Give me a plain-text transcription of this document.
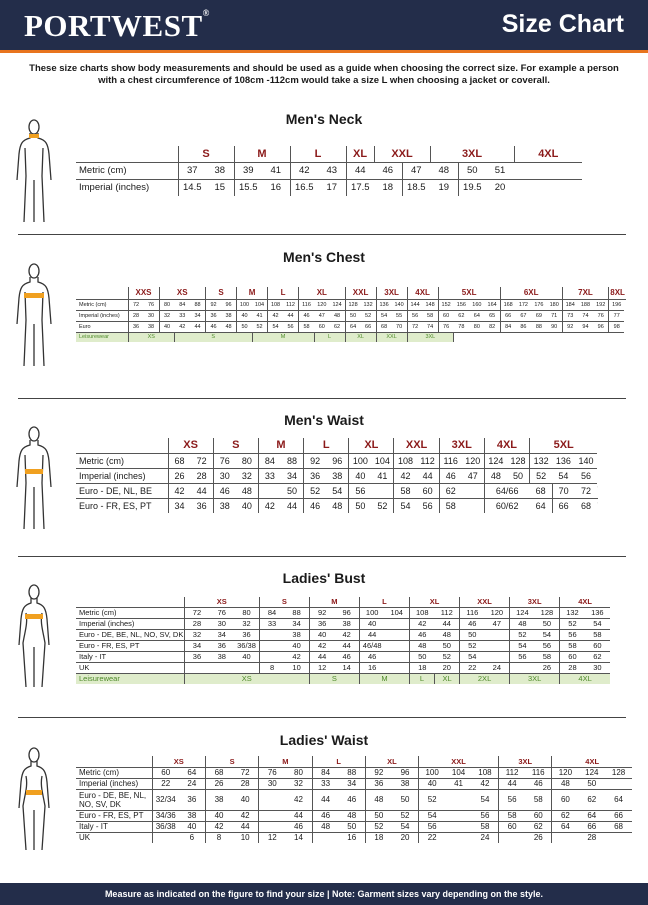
PORTWEST®	Size Chart
These size charts show body measurements and should be used as a guide when choosing the correct size. For example a person with a chest circumference of 108cm -112cm would take a size L when choosing a jacket or coverall.
Men's Neck
	S		M		L		XL	XXL		3XL			4XL
Metric (cm)	37	38	39	41	42	43	44	46	47	48	50	51	
Imperial (inches)	14.5	15	15.5	16	16.5	17	17.5	18	18.5	19	19.5	20	
Men's Chest
	XXS		XS			S		M		L		XL			XXL		3XL		4XL		5XL				6XL				7XL			8XL
Metric (cm)	72	76	80	84	88	92	96	100	104	108	112	116	120	124	128	132	136	140	144	148	152	156	160	164	168	172	176	180	184	188	192	196
Imperial (inches)	28	30	32	33	34	36	38	40	41	42	44	46	47	48	50	52	54	55	56	58	60	62	64	65	66	67	69	71	73	74	76	77
Euro	36	38	40	42	44	46	48	50	52	54	56	58	60	62	64	66	68	70	72	74	76	78	80	82	84	86	88	90	92	94	96	98
Leisurewear	XS			S					M				L		XL		XXL		3XL													
Men's Waist
	XS		S		M		L		XL		XXL		3XL		4XL		5XL			
Metric (cm)	68	72	76	80	84	88	92	96	100	104	108	112	116	120	124	128	132	136	140	
Imperial (inches)	26	28	30	32	33	34	36	38	40	41	42	44	46	47	48	50	52	54	56	
Euro - DE, NL, BE	42	44	46	48		50	52	54	56		58	60	62		64/66		68	70	72	
Euro - FR, ES, PT	34	36	38	40	42	44	46	48	50	52	54	56	58		60/62		64	66	68	
Ladies' Bust
	XS			S		M		L		XL		XXL		3XL		4XL	
Metric (cm)	72	76	80	84	88	92	96	100	104	108	112	116	120	124	128	132	136
Imperial (inches)	28	30	32	33	34	36	38	40		42	44	46	47	48	50	52	54
Euro - DE, BE, NL, NO, SV, DK	32	34	36		38	40	42	44		46	48	50		52	54	56	58
Euro - FR, ES, PT	34	36	36/38		40	42	44	46/48		48	50	52		54	56	58	60
Italy - IT	36	38	40		42	44	46	46		50	52	54		56	58	60	62
UK				8	10	12	14	16		18	20	22	24		26	28	30
Leisurewear	XS					S		M		L	XL	2XL		3XL		4XL	
Ladies' Waist
	XS		S		M		L		XL		XXL			3XL		4XL		
Metric (cm)	60	64	68	72	76	80	84	88	92	96	100	104	108	112	116	120	124	128
Imperial (inches)	22	24	26	28	30	32	33	34	36	38	40	41	42	44	46	48	50	
Euro - DE, BE, NL, NO, SV, DK	32/34	36	38	40		42	44	46	48	50	52		54	56	58	60	62	64
Euro - FR, ES, PT	34/36	38	40	42		44	46	48	50	52	54		56	58	60	62	64	66
Italy - IT	36/38	40	42	44		46	48	50	52	54	56		58	60	62	64	66	68
UK		6	8	10	12	14		16	18	20	22		24		26		28	
Measure as indicated on the figure to find your size | Note: Garment sizes vary depending on the style.
